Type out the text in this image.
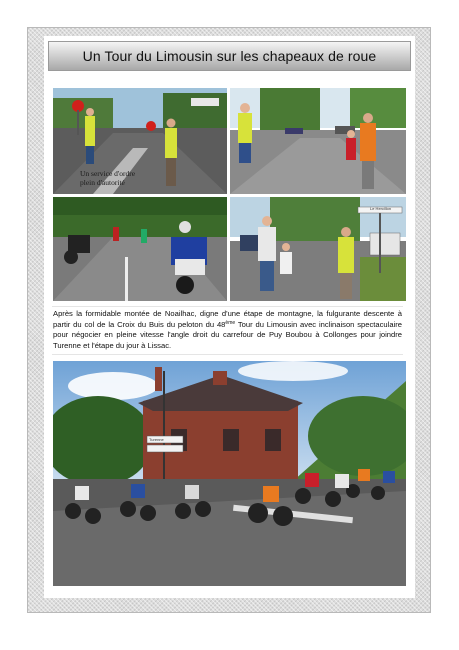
Un Tour du Limousin sur les chapeaux de roue
Un service d'ordre plein d'autorité
Le Hercillon
Après la formidable montée de Noailhac, digne d'une étape de montagne, la fulgurante descente à partir du col de la Croix du Buis du peloton du 48ème Tour du Limousin avec inclinaison spectaculaire pour négocier en pleine vitesse l'angle droit du carrefour de Puy Boubou à Collonges pour joindre Turenne et l'étape du jour à Lissac.
Turenne
